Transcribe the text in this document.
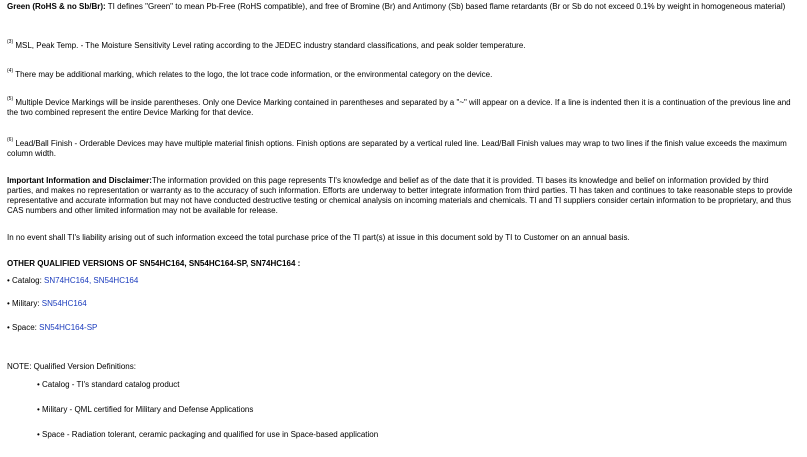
Green (RoHS & no Sb/Br): TI defines "Green" to mean Pb-Free (RoHS compatible), and free of Bromine (Br) and Antimony (Sb) based flame retardants (Br or Sb do not exceed 0.1% by weight in homogeneous material)
$^{(3)}$ MSL, Peak Temp. - The Moisture Sensitivity Level rating according to the JEDEC industry standard classifications, and peak solder temperature.
$^{(4)}$ There may be additional marking, which relates to the logo, the lot trace code information, or the environmental category on the device.
$^{(5)}$ Multiple Device Markings will be inside parentheses. Only one Device Marking contained in parentheses and separated by a "~" will appear on a device. If a line is indented then it is a continuation of the previous line and the two combined represent the entire Device Marking for that device.
$^{(6)}$ Lead/Ball Finish - Orderable Devices may have multiple material finish options. Finish options are separated by a vertical ruled line. Lead/Ball Finish values may wrap to two lines if the finish value exceeds the maximum column width.
Important Information and Disclaimer:The information provided on this page represents TI's knowledge and belief as of the date that it is provided. TI bases its knowledge and belief on information provided by third parties, and makes no representation or warranty as to the accuracy of such information. Efforts are underway to better integrate information from third parties. TI has taken and continues to take reasonable steps to provide representative and accurate information but may not have conducted destructive testing or chemical analysis on incoming materials and chemicals. TI and TI suppliers consider certain information to be proprietary, and thus CAS numbers and other limited information may not be available for release.
In no event shall TI's liability arising out of such information exceed the total purchase price of the TI part(s) at issue in this document sold by TI to Customer on an annual basis.
OTHER QUALIFIED VERSIONS OF SN54HC164, SN54HC164-SP, SN74HC164 :
• Catalog: SN74HC164, SN54HC164
• Military: SN54HC164
• Space: SN54HC164-SP
NOTE: Qualified Version Definitions:
• Catalog - TI's standard catalog product
• Military - QML certified for Military and Defense Applications
• Space - Radiation tolerant, ceramic packaging and qualified for use in Space-based application
